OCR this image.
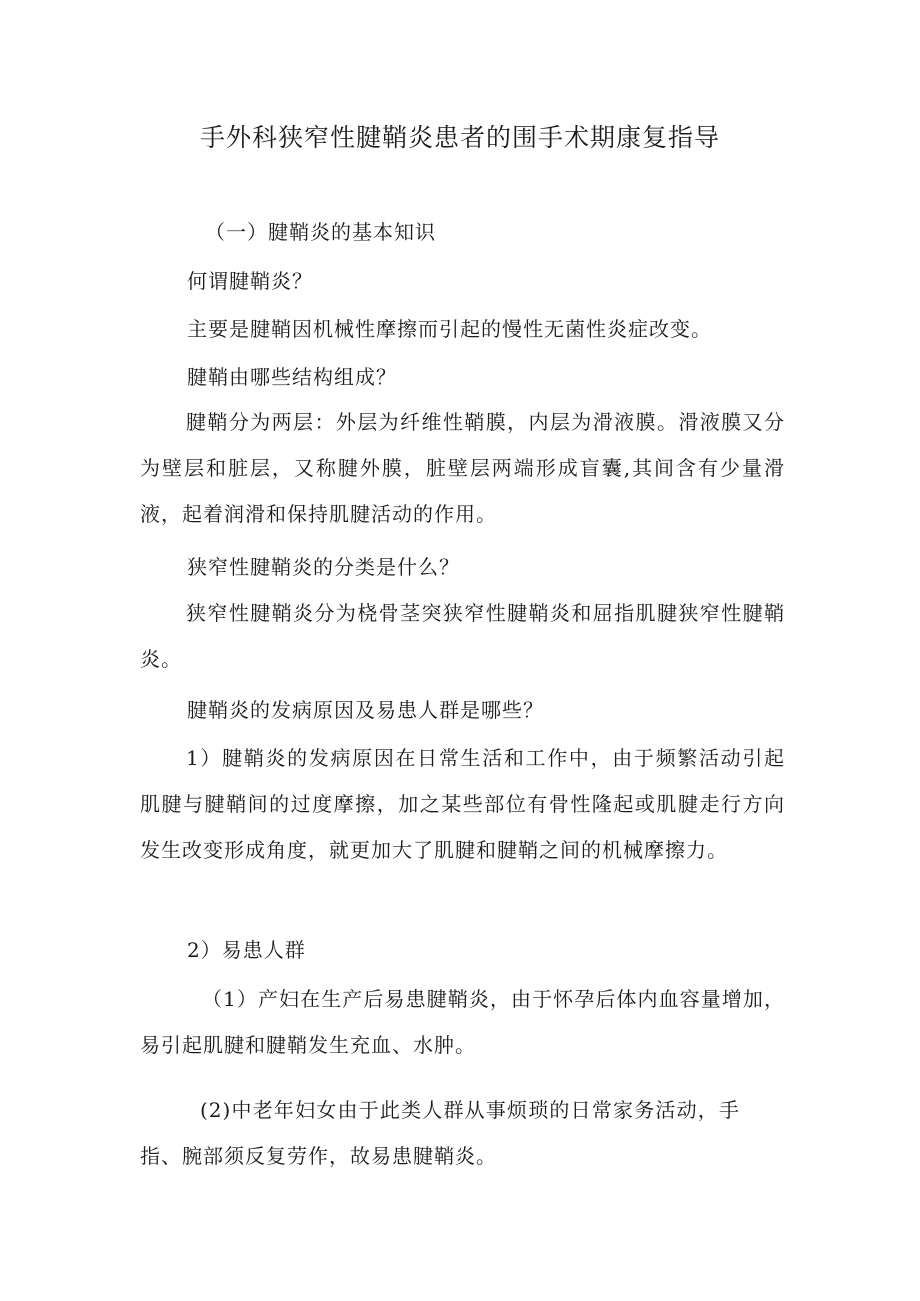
手外科狭窄性腱鞘炎患者的围手术期康复指导

（一）腱鞘炎的基本知识

何谓腱鞘炎？

主要是腱鞘因机械性摩擦而引起的慢性无菌性炎症改变。

腱鞘由哪些结构组成？

腱鞘分为两层：外层为纤维性鞘膜，内层为滑液膜。滑液膜又分为壁层和脏层，又称腱外膜，脏壁层两端形成盲囊,其间含有少量滑液，起着润滑和保持肌腱活动的作用。

狭窄性腱鞘炎的分类是什么？

狭窄性腱鞘炎分为桡骨茎突狭窄性腱鞘炎和屈指肌腱狭窄性腱鞘炎。

腱鞘炎的发病原因及易患人群是哪些？

1）腱鞘炎的发病原因在日常生活和工作中，由于频繁活动引起肌腱与腱鞘间的过度摩擦，加之某些部位有骨性隆起或肌腱走行方向发生改变形成角度，就更加大了肌腱和腱鞘之间的机械摩擦力。

2）易患人群

（1）产妇在生产后易患腱鞘炎，由于怀孕后体内血容量增加，易引起肌腱和腱鞘发生充血、水肿。

(2)中老年妇女由于此类人群从事烦琐的日常家务活动，手指、腕部须反复劳作，故易患腱鞘炎。
